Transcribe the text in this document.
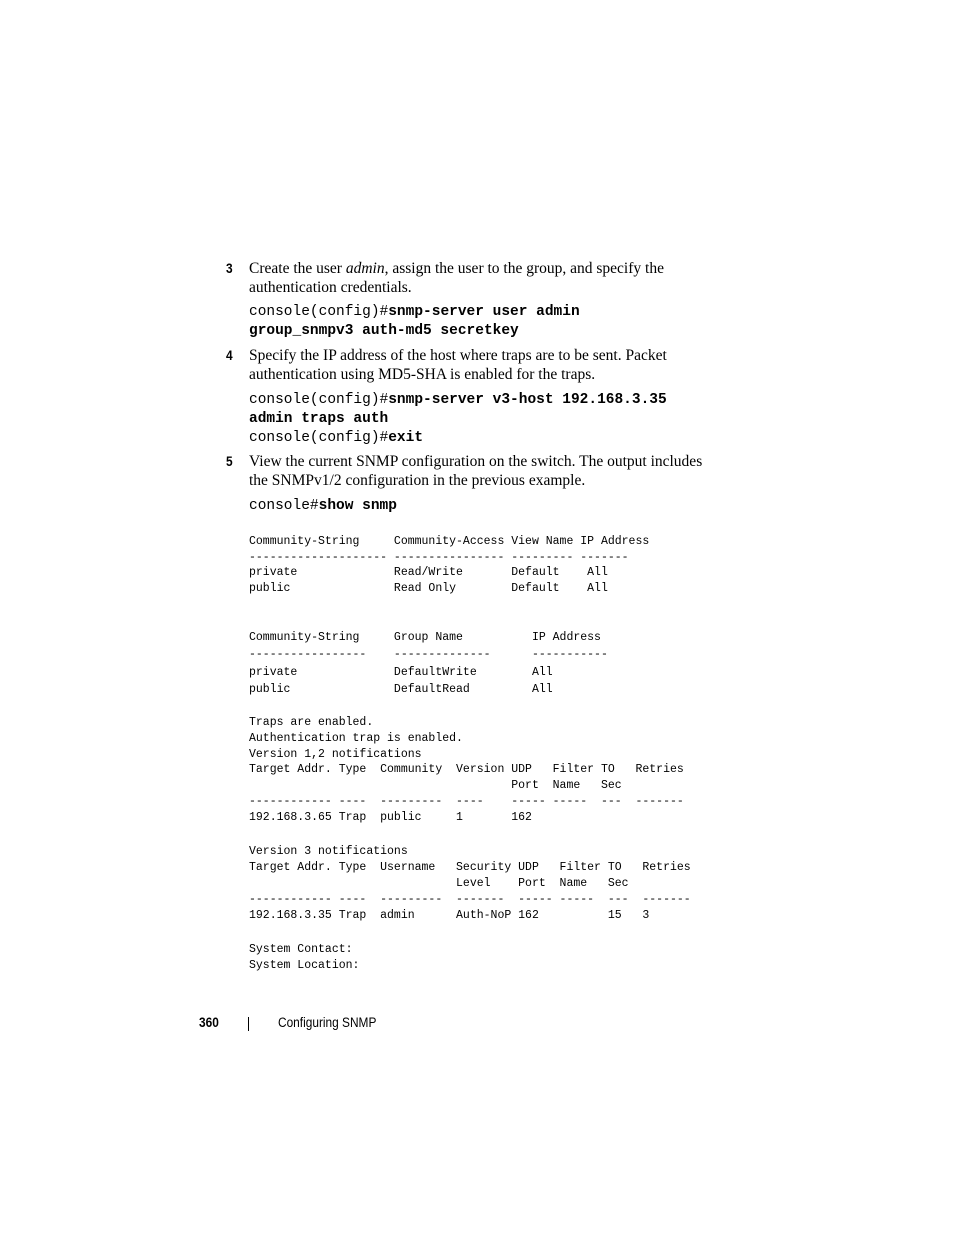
3 Create the user admin, assign the user to the group, and specify the
authentication credentials.
console(config)#snmp-server user admin
group_snmpv3 auth-md5 secretkey
4 Specify the IP address of the host where traps are to be sent. Packet
authentication using MD5-SHA is enabled for the traps.
console(config)#snmp-server v3-host 192.168.3.35
admin traps auth
console(config)#exit
5 View the current SNMP configuration on the switch. The output includes
the SNMPv1/2 configuration in the previous example.
console#show snmp
Community-String     Community-Access View Name IP Address
-------------------- ---------------- --------- -------
private              Read/Write       Default    All
public               Read Only        Default    All
Community-String     Group Name          IP Address
-----------------    --------------      -----------
private              DefaultWrite        All
public               DefaultRead         All
Traps are enabled.
Authentication trap is enabled.
Version 1,2 notifications
Target Addr. Type  Community  Version UDP   Filter TO   Retries
Port  Name   Sec
------------ ----  ---------  ----    ----- -----  ---  -------
192.168.3.65 Trap  public     1       162
Version 3 notifications
Target Addr. Type  Username   Security UDP   Filter TO   Retries
Level    Port  Name   Sec
------------ ----  ---------  -------  ----- -----  ---  -------
192.168.3.35 Trap  admin      Auth-NoP 162          15   3
System Contact:
System Location:
360	Configuring SNMP
